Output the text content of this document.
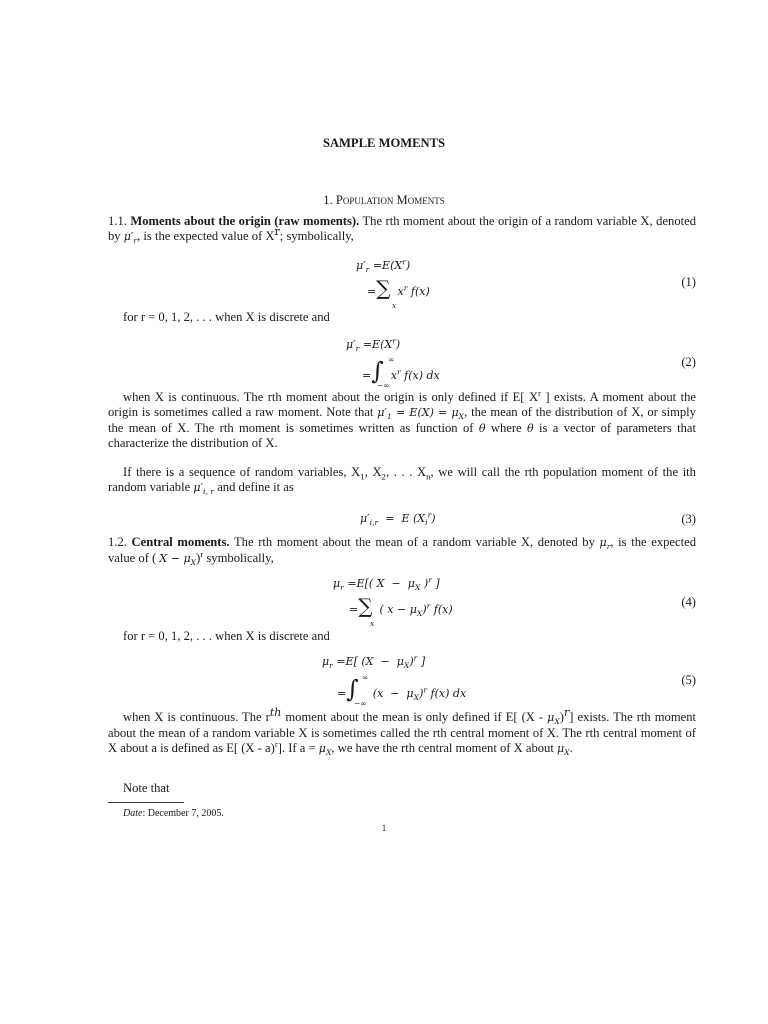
SAMPLE MOMENTS
1. Population Moments
1.1. Moments about the origin (raw moments). The rth moment about the origin of a random variable X, denoted by $\mu'_r$, is the expected value of $X^r$; symbolically,
$\mu'_r =E(X^r)$
=∑  $x^r$ f(x)
x
(1)
for r = 0, 1, 2, . . . when X is discrete and
$\mu'_r =E(X^r)$
=∫  $x^r$ f(x) dx
∞
−∞
(2)
when X is continuous. The rth moment about the origin is only defined if E[ $X^r$ ] exists. A moment about the origin is sometimes called a raw moment. Note that $\mu'_1 = E(X) = \mu_X$, the mean of the distribution of X, or simply the mean of X. The rth moment is sometimes written as function of θ where θ is a vector of parameters that characterize the distribution of X.
If there is a sequence of random variables, $X_1$, $X_2$, . . . $X_n$, we will call the rth population moment of the ith random variable $\mu'_{i, r}$ and define it as
$\mu'_{i,r} = E$ $(X_i^r)$	(3)
1.2. Central moments. The rth moment about the mean of a random variable X, denoted by $\mu_r$, is the expected value of ( $X - \mu_X)^r$ symbolically,
$\mu_r =E$[( $X - \mu_X$ )$^r$ ]
=∑  ( $x - \mu_X)^r$ f(x)
x
(4)
for r = 0, 1, 2, . . . when X is discrete and
$\mu_r =E$[ $(X - \mu_X)^r$ ]
=∫    $(x - \mu_X)^r$ f(x) dx
∞
−∞
(5)
when X is continuous. The $r^{th}$ moment about the mean is only defined if E[ $(X - \mu_X)^r$] exists. The rth moment about the mean of a random variable X is sometimes called the rth central moment of X. The rth central moment of X about a is defined as E[ (X - a)$^r$]. If $a = \mu_X$, we have the rth central moment of X about $\mu_X$.
Note that
Date: December 7, 2005.
1
